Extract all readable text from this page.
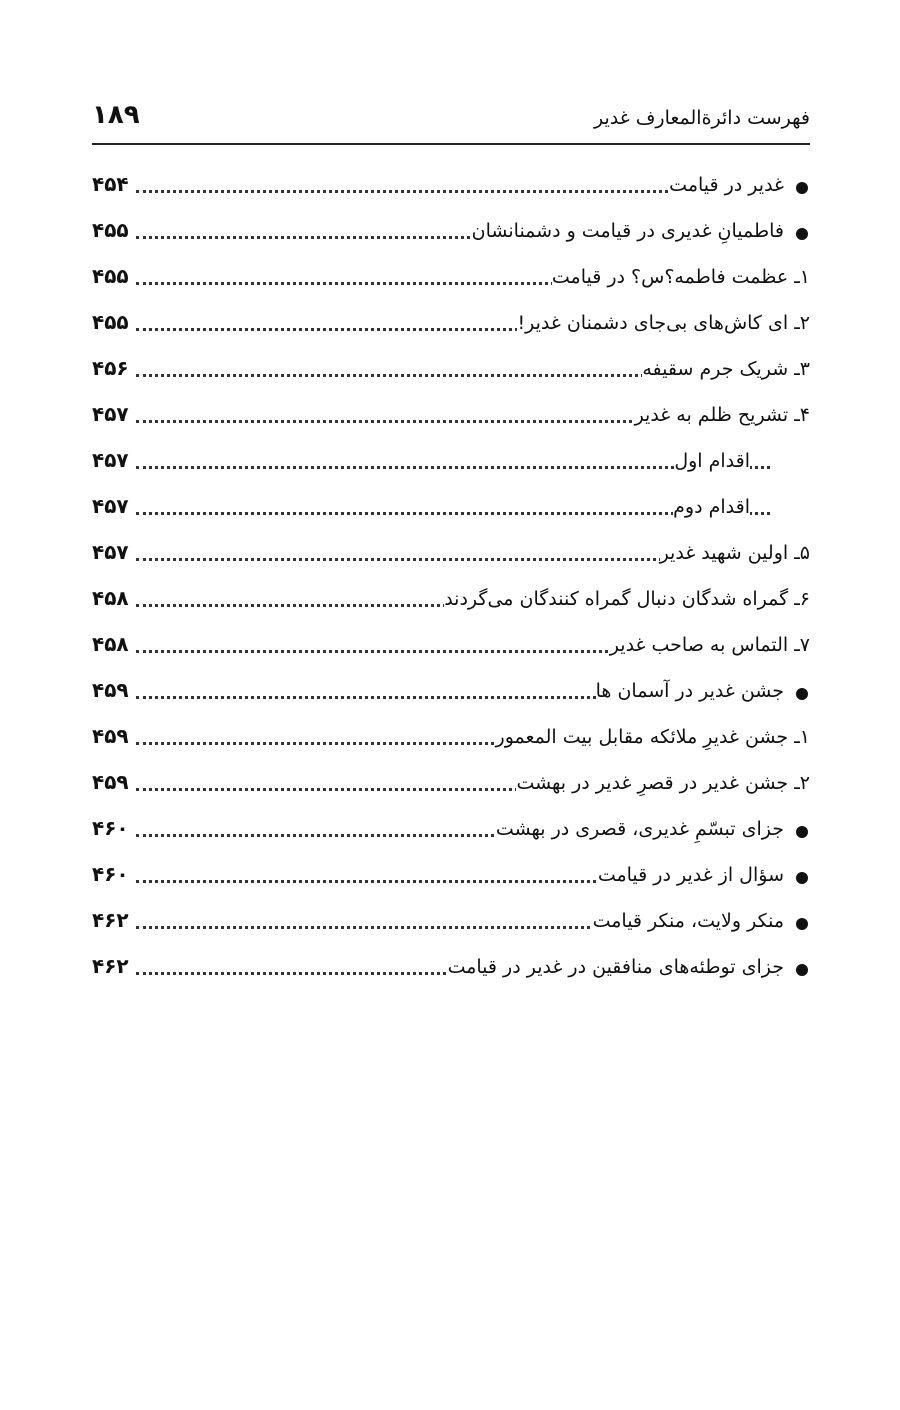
فهرست دائرةالمعارف غدیر
۱۸۹
غدیر در قیامت
۴۵۴
فاطمیانِ غدیری در قیامت و دشمنانشان
۴۵۵
۱ـ عظمت فاطمه؟س؟ در قیامت
۴۵۵
۲ـ ای کاش‌های بی‌جای دشمنان غدیر!
۴۵۵
۳ـ شریک جرم سقیفه
۴۵۶
۴ـ تشریح ظلم به غدیر
۴۵۷
اقدام اول
۴۵۷
اقدام دوم
۴۵۷
۵ـ اولین شهید غدیر
۴۵۷
۶ـ گمراه شدگان دنبال گمراه کنندگان می‌گردند
۴۵۸
۷ـ التماس به صاحب غدیر
۴۵۸
جشن غدیر در آسمان ها
۴۵۹
۱ـ جشن غدیرِ ملائکه مقابل بیت المعمور
۴۵۹
۲ـ جشن غدیر در قصرِ غدیر در بهشت
۴۵۹
جزای تبسّمِ غدیری، قصری در بهشت
۴۶۰
سؤال از غدیر در قیامت
۴۶۰
منکر ولایت، منکر قیامت
۴۶۲
جزای توطئه‌های منافقین در غدیر در قیامت
۴۶۲
